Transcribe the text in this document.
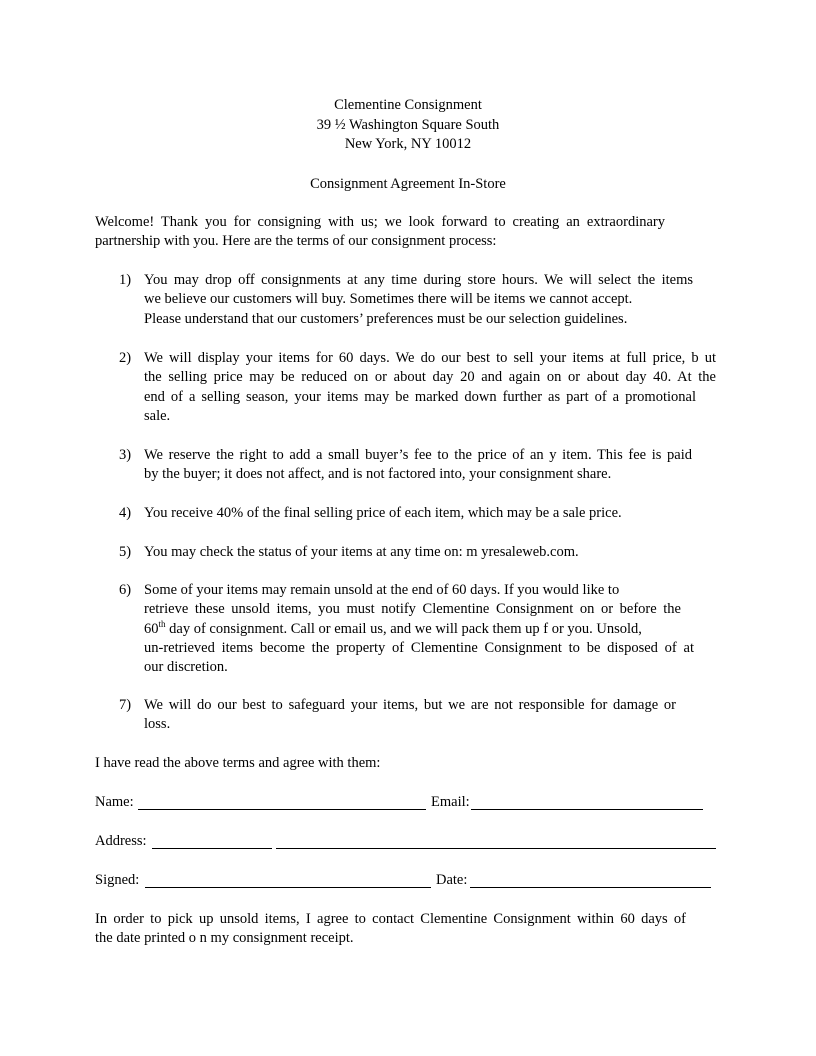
Clementine Consignment
39 ½ Washington Square South
New York, NY 10012
Consignment Agreement In-Store
Welcome! Thank you for consigning with us; we look forward to creating an extraordinary
partnership with you. Here are the terms of our consignment process:
1) You may drop off consignments at any time during store hours. We will select the items
we believe our customers will buy. Sometimes there will be items we cannot accept.
Please understand that our customers’ preferences must be our selection guidelines.
2) We will display your items for 60 days. We do our best to sell your items at full price, b ut
the selling price may be reduced on or about day 20 and again on or about day 40. At the
end of a selling season, your items may be marked down further as part of a promotional
sale.
3) We reserve the right to add a small buyer’s fee to the price of an y item. This fee is paid
by the buyer; it does not affect, and is not factored into, your consignment share.
4) You receive 40% of the final selling price of each item, which may be a sale price.
5) You may check the status of your items at any time on: m yresaleweb.com.
6) Some of your items may remain unsold at the end of 60 days. If you would like to
retrieve these unsold items, you must notify Clementine Consignment on or before the
60th day of consignment. Call or email us, and we will pack them up f or you. Unsold,
un-retrieved items become the property of Clementine Consignment to be disposed of at
our discretion.
7) We will do our best to safeguard your items, but we are not responsible for damage or
loss.
I have read the above terms and agree with them:
Name:	Email:
Address:
Signed:	Date:
In order to pick up unsold items, I agree to contact Clementine Consignment within 60 days of
the date printed o n my consignment receipt.
